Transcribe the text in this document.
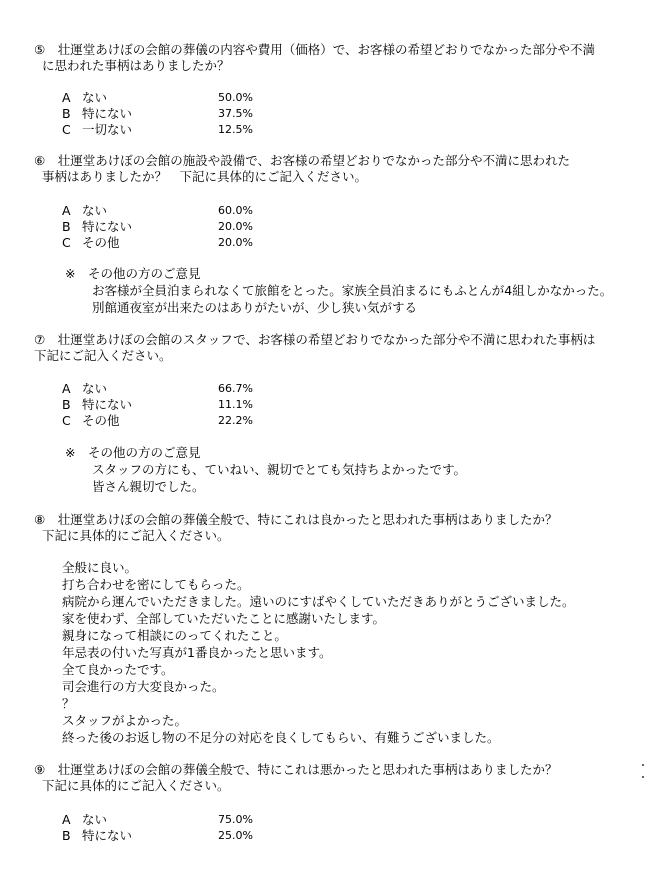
⑤　壮運堂あけぼの会館の葬儀の内容や費用（価格）で、お客様の希望どおりでなかった部分や不満
に思われた事柄はありましたか？
A ない	50.0%
B 特にない	37.5%
C 一切ない	12.5%
⑥　壮運堂あけぼの会館の施設や設備で、お客様の希望どおりでなかった部分や不満に思われた
事柄はありましたか？　下記に具体的にご記入ください。
A ない	60.0%
B 特にない	20.0%
C その他	20.0%
※　その他の方のご意見
お客様が全員泊まられなくて旅館をとった。家族全員泊まるにもふとんが4組しかなかった。
別館通夜室が出来たのはありがたいが、少し狭い気がする
⑦　壮運堂あけぼの会館のスタッフで、お客様の希望どおりでなかった部分や不満に思われた事柄は
下記にご記入ください。
A ない	66.7%
B 特にない	11.1%
C その他	22.2%
※　その他の方のご意見
スタッフの方にも、ていねい、親切でとても気持ちよかったです。
皆さん親切でした。
⑧　壮運堂あけぼの会館の葬儀全般で、特にこれは良かったと思われた事柄はありましたか？
下記に具体的にご記入ください。
全般に良い。
打ち合わせを密にしてもらった。
病院から運んでいただきました。遠いのにすばやくしていただきありがとうございました。
家を使わず、全部していただいたことに感謝いたします。
親身になって相談にのってくれたこと。
年忌表の付いた写真が1番良かったと思います。
全て良かったです。
司会進行の方大変良かった。
？
スタッフがよかった。
終った後のお返し物の不足分の対応を良くしてもらい、有難うございました。
⑨　壮運堂あけぼの会館の葬儀全般で、特にこれは悪かったと思われた事柄はありましたか？
下記に具体的にご記入ください。
A ない	75.0%
B 特にない	25.0%
